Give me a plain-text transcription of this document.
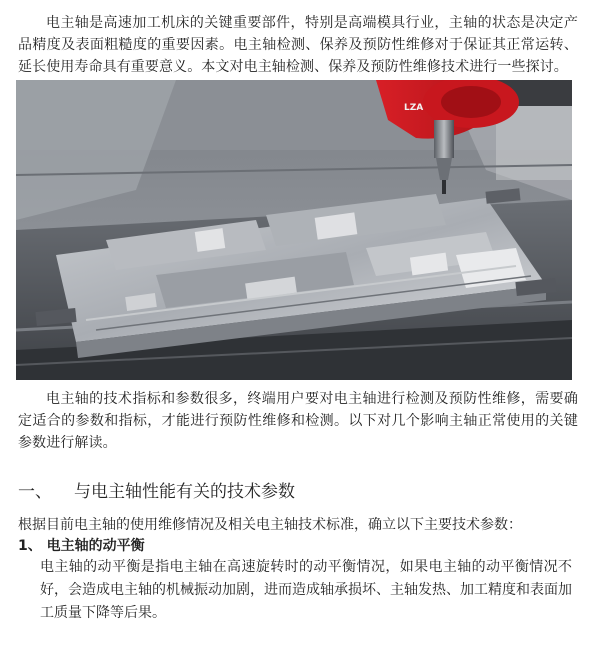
电主轴是高速加工机床的关键重要部件，特别是高端模具行业，主轴的状态是决定产品精度及表面粗糙度的重要因素。电主轴检测、保养及预防性维修对于保证其正常运转、延长使用寿命具有重要意义。本文对电主轴检测、保养及预防性维修技术进行一些探讨。

LZA

电主轴的技术指标和参数很多，终端用户要对电主轴进行检测及预防性维修，需要确定适合的参数和指标，才能进行预防性维修和检测。以下对几个影响主轴正常使用的关键参数进行解读。

一、 与电主轴性能有关的技术参数

根据目前电主轴的使用维修情况及相关电主轴技术标准，确立以下主要技术参数：

1、 电主轴的动平衡

电主轴的动平衡是指电主轴在高速旋转时的动平衡情况，如果电主轴的动平衡情况不好，会造成电主轴的机械振动加剧，进而造成轴承损坏、主轴发热、加工精度和表面加工质量下降等后果。
